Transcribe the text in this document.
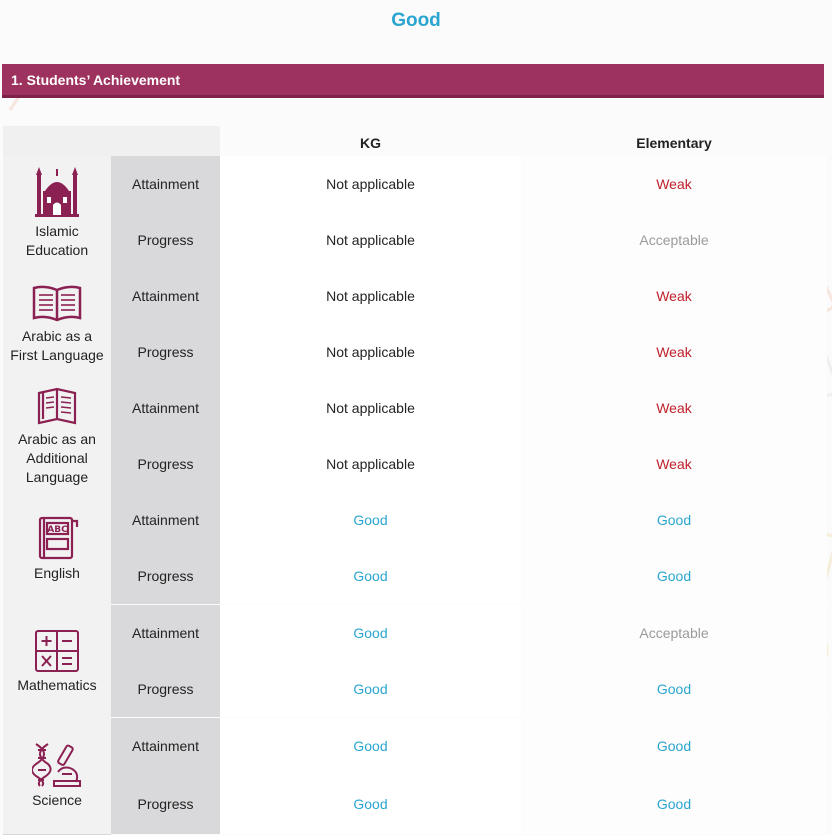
Good
1. Students’ Achievement
KG	Elementary
Islamic Education
Attainment	Not applicable	Weak
Progress	Not applicable	Acceptable
Arabic as a First Language
Attainment	Not applicable	Weak
Progress	Not applicable	Weak
Arabic as an Additional Language
Attainment	Not applicable	Weak
Progress	Not applicable	Weak
ABC
English
Attainment	Good	Good
Progress	Good	Good
Mathematics
Attainment	Good	Acceptable
Progress	Good	Good
Science
Attainment	Good	Good
Progress	Good	Good
